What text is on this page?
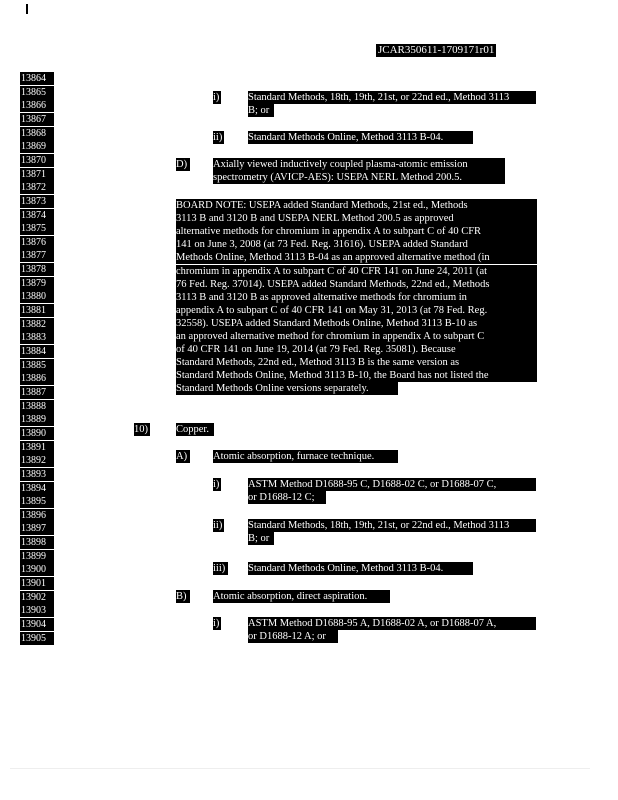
JCAR350611-1709171r01
13864
13865
13866
13867
13868
13869
13870
13871
13872
13873
13874
13875
13876
13877
13878
13879
13880
13881
13882
13883
13884
13885
13886
13887
13888
13889
13890
13891
13892
13893
13894
13895
13896
13897
13898
13899
13900
13901
13902
13903
13904
13905
i)	Standard Methods, 18th, 19th, 21st, or 22nd ed., Method 3113
B; or
ii) Standard Methods Online, Method 3113 B-04.
D) Axially viewed inductively coupled plasma-atomic emission
spectrometry (AVICP-AES): USEPA NERL Method 200.5.
BOARD NOTE: USEPA added Standard Methods, 21st ed., Methods
3113 B and 3120 B and USEPA NERL Method 200.5 as approved
alternative methods for chromium in appendix A to subpart C of 40 CFR
141 on June 3, 2008 (at 73 Fed. Reg. 31616). USEPA added Standard
Methods Online, Method 3113 B-04 as an approved alternative method (in
chromium in appendix A to subpart C of 40 CFR 141 on June 24, 2011 (at
76 Fed. Reg. 37014). USEPA added Standard Methods, 22nd ed., Methods
3113 B and 3120 B as approved alternative methods for chromium in
appendix A to subpart C of 40 CFR 141 on May 31, 2013 (at 78 Fed. Reg.
32558). USEPA added Standard Methods Online, Method 3113 B-10 as
an approved alternative method for chromium in appendix A to subpart C
of 40 CFR 141 on June 19, 2014 (at 79 Fed. Reg. 35081). Because
Standard Methods, 22nd ed., Method 3113 B is the same version as
Standard Methods Online, Method 3113 B-10, the Board has not listed the
Standard Methods Online versions separately.
10)	Copper.
A) Atomic absorption, furnace technique.
i)	ASTM Method D1688-95 C, D1688-02 C, or D1688-07 C,
or D1688-12 C;
ii) Standard Methods, 18th, 19th, 21st, or 22nd ed., Method 3113
B; or
iii) Standard Methods Online, Method 3113 B-04.
B)	Atomic absorption, direct aspiration.
i)	ASTM Method D1688-95 A, D1688-02 A, or D1688-07 A,
or D1688-12 A; or
